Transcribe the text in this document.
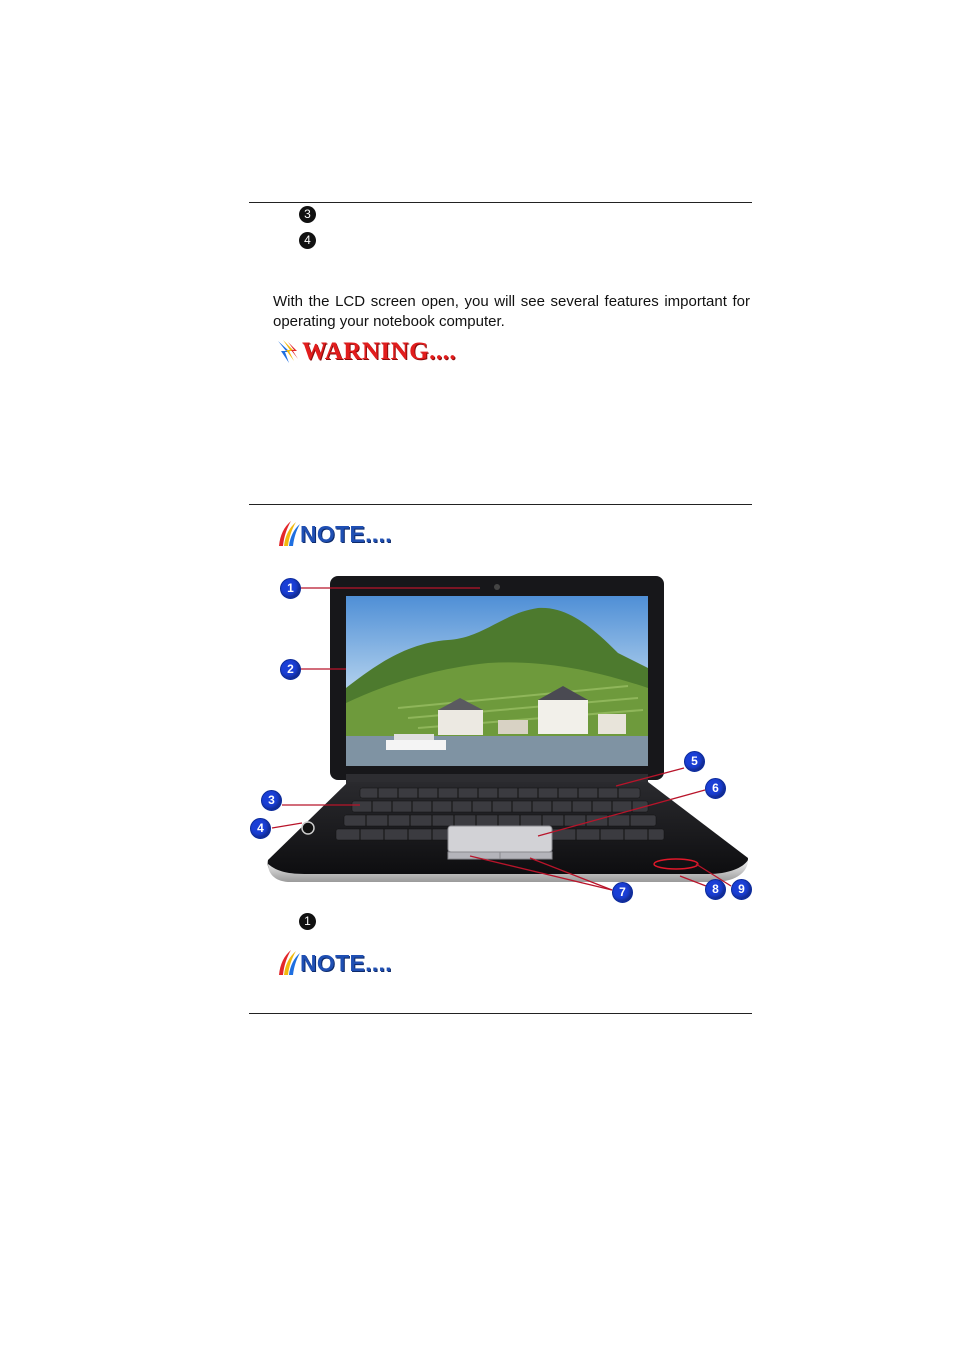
3
4
With the LCD screen open, you will see several features important for operating your notebook computer.
WARNING....
NOTE....
1
2
3
4
5
6
7	8	9
1
NOTE....
